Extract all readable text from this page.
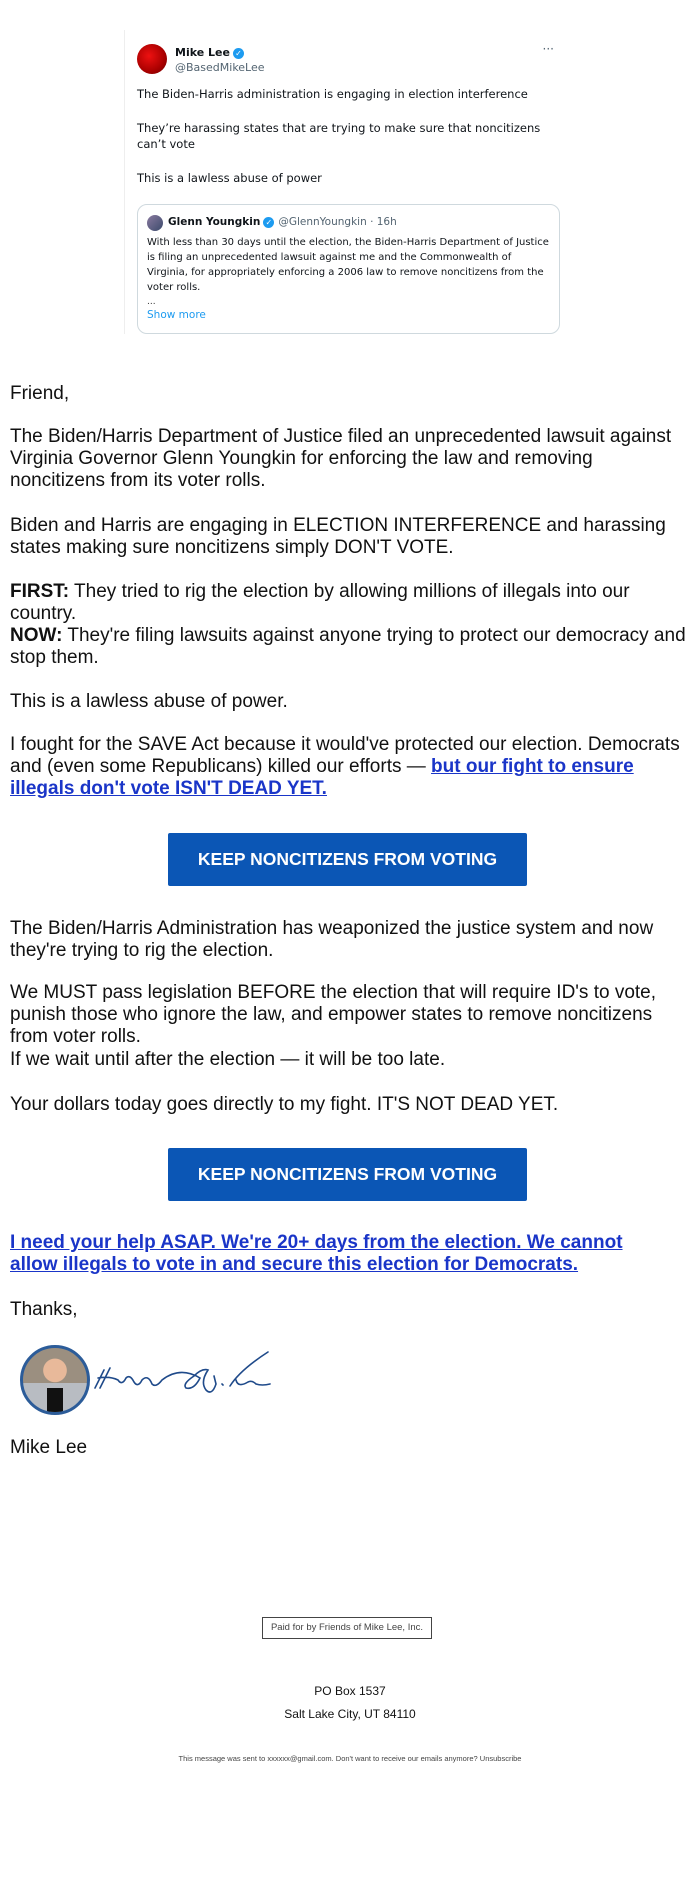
Mike Lee ✓
@BasedMikeLee
···

The Biden-Harris administration is engaging in election interference

They’re harassing states that are trying to make sure that noncitizens can’t vote

This is a lawless abuse of power

Glenn Youngkin ✓ @GlennYoungkin · 16h
With less than 30 days until the election, the Biden-Harris Department of Justice is filing an unprecedented lawsuit against me and the Commonwealth of Virginia, for appropriately enforcing a 2006 law to remove noncitizens from the voter rolls.
...
Show more

Friend,

The Biden/Harris Department of Justice filed an unprecedented lawsuit against Virginia Governor Glenn Youngkin for enforcing the law and removing noncitizens from its voter rolls.

Biden and Harris are engaging in ELECTION INTERFERENCE and harassing states making sure noncitizens simply DON'T VOTE.

FIRST: They tried to rig the election by allowing millions of illegals into our country.

NOW: They're filing lawsuits against anyone trying to protect our democracy and stop them.

This is a lawless abuse of power.

I fought for the SAVE Act because it would've protected our election. Democrats and (even some Republicans) killed our efforts — but our fight to ensure illegals don't vote ISN'T DEAD YET.

KEEP NONCITIZENS FROM VOTING

The Biden/Harris Administration has weaponized the justice system and now they're trying to rig the election.

We MUST pass legislation BEFORE the election that will require ID's to vote, punish those who ignore the law, and empower states to remove noncitizens from voter rolls.

If we wait until after the election — it will be too late.

Your dollars today goes directly to my fight. IT'S NOT DEAD YET.

KEEP NONCITIZENS FROM VOTING

I need your help ASAP. We're 20+ days from the election. We cannot allow illegals to vote in and secure this election for Democrats.

Thanks,

Mike Lee

Paid for by Friends of Mike Lee, Inc.
PO Box 1537
Salt Lake City, UT 84110
This message was sent to xxxxxx@gmail.com. Don't want to receive our emails anymore? Unsubscribe
